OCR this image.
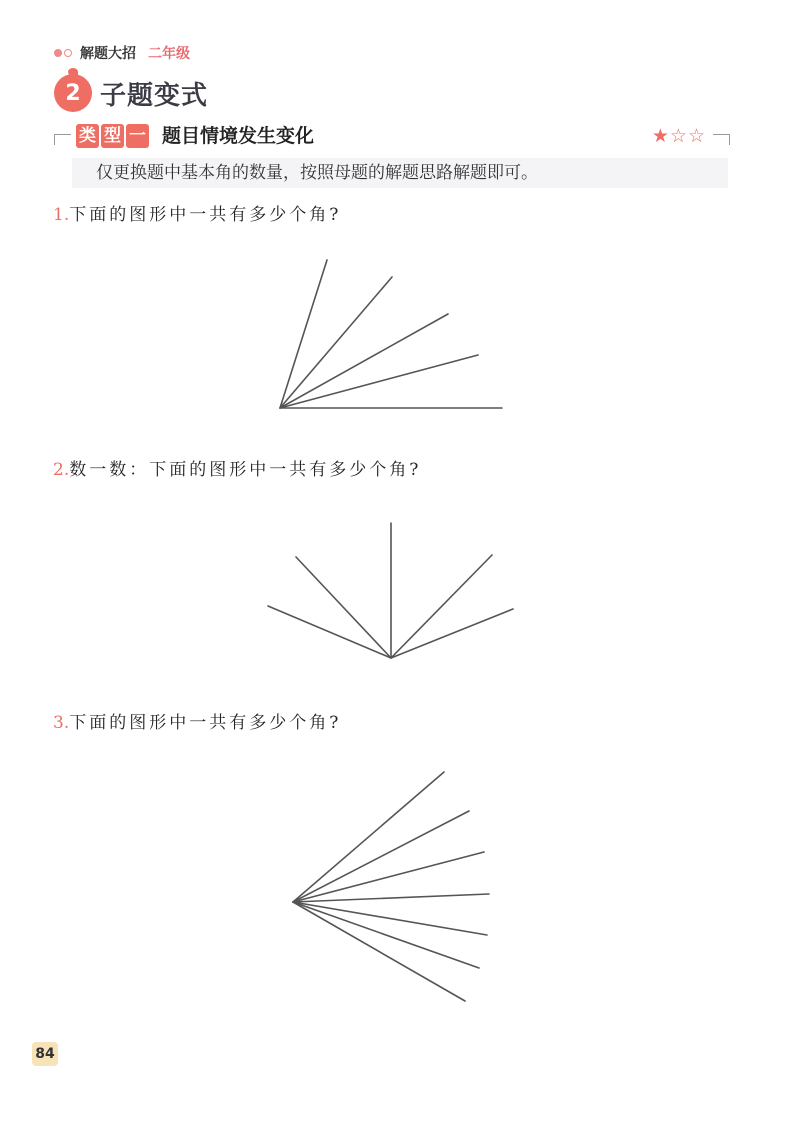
解题大招 二年级
2 子题变式
类 型 一 题目情境发生变化	★☆☆
仅更换题中基本角的数量，按照母题的解题思路解题即可。
1.下面的图形中一共有多少个角?
2.数一数：下面的图形中一共有多少个角?
3.下面的图形中一共有多少个角?
84
